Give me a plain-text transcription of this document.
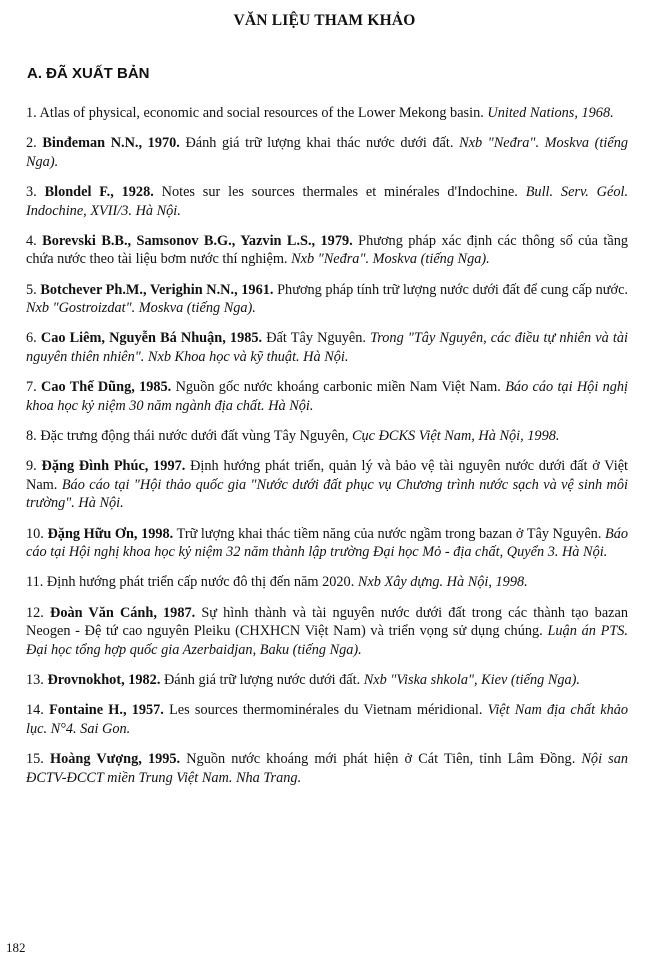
VĂN LIỆU THAM KHẢO
A. ĐÃ XUẤT BẢN
1. Atlas of physical, economic and social resources of the Lower Mekong basin. United Nations, 1968.
2. Binđeman N.N., 1970. Đánh giá trữ lượng khai thác nước dưới đất. Nxb "Neđra". Moskva (tiếng Nga).
3. Blondel F., 1928. Notes sur les sources thermales et minérales d'Indochine. Bull. Serv. Géol. Indochine, XVII/3. Hà Nội.
4. Borevski B.B., Samsonov B.G., Yazvin L.S., 1979. Phương pháp xác định các thông số của tầng chứa nước theo tài liệu bơm nước thí nghiệm. Nxb "Neđra". Moskva (tiếng Nga).
5. Botchever Ph.M., Verighin N.N., 1961. Phương pháp tính trữ lượng nước dưới đất để cung cấp nước. Nxb "Gostroizdat". Moskva (tiếng Nga).
6. Cao Liêm, Nguyễn Bá Nhuận, 1985. Đất Tây Nguyên. Trong "Tây Nguyên, các điều tự nhiên và tài nguyên thiên nhiên". Nxb Khoa học và kỹ thuật. Hà Nội.
7. Cao Thế Dũng, 1985. Nguồn gốc nước khoáng carbonic miền Nam Việt Nam. Báo cáo tại Hội nghị khoa học kỷ niệm 30 năm ngành địa chất. Hà Nội.
8. Đặc trưng động thái nước dưới đất vùng Tây Nguyên, Cục ĐCKS Việt Nam, Hà Nội, 1998.
9. Đặng Đình Phúc, 1997. Định hướng phát triển, quản lý và bảo vệ tài nguyên nước dưới đất ở Việt Nam. Báo cáo tại "Hội thảo quốc gia "Nước dưới đất phục vụ Chương trình nước sạch và vệ sinh môi trường". Hà Nội.
10. Đặng Hữu Ơn, 1998. Trữ lượng khai thác tiềm năng của nước ngầm trong bazan ở Tây Nguyên. Báo cáo tại Hội nghị khoa học kỷ niệm 32 năm thành lập trường Đại học Mỏ - địa chất, Quyển 3. Hà Nội.
11. Định hướng phát triển cấp nước đô thị đến năm 2020. Nxb Xây dựng. Hà Nội, 1998.
12. Đoàn Văn Cánh, 1987. Sự hình thành và tài nguyên nước dưới đất trong các thành tạo bazan Neogen - Đệ tứ cao nguyên Pleiku (CHXHCN Việt Nam) và triển vọng sử dụng chúng. Luận án PTS. Đại học tổng hợp quốc gia Azerbaidjan, Baku (tiếng Nga).
13. Đrovnokhot, 1982. Đánh giá trữ lượng nước dưới đất. Nxb "Viska shkola", Kiev (tiếng Nga).
14. Fontaine H., 1957. Les sources thermominérales du Vietnam méridional. Việt Nam địa chất khảo lục. N°4. Sai Gon.
15. Hoàng Vượng, 1995. Nguồn nước khoáng mới phát hiện ở Cát Tiên, tỉnh Lâm Đồng. Nội san ĐCTV-ĐCCT miền Trung Việt Nam. Nha Trang.
182
